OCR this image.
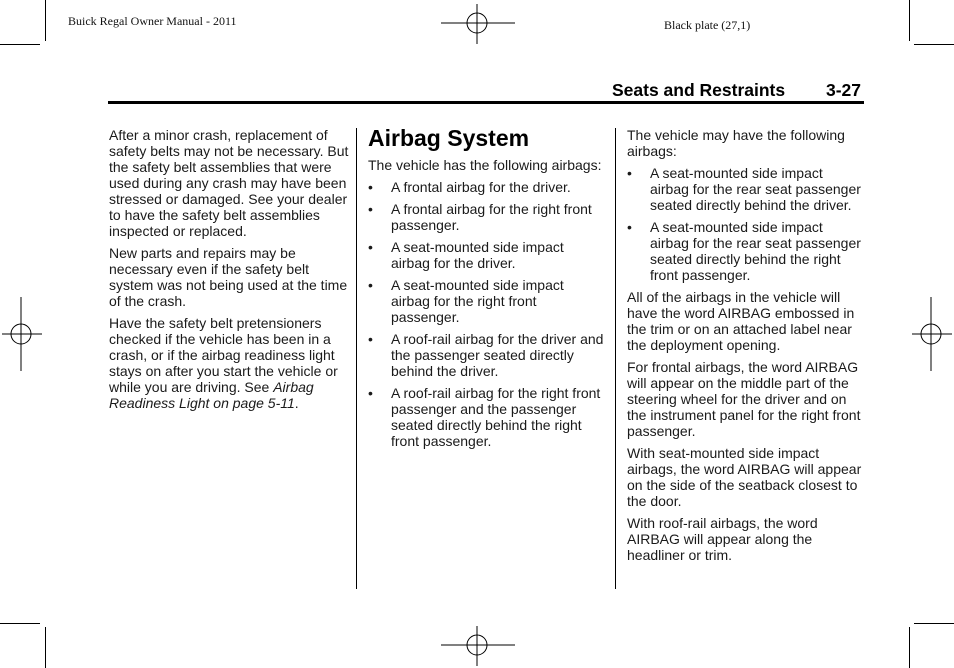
Buick Regal Owner Manual - 2011	Black plate (27,1)
Seats and Restraints 3-27

After a minor crash, replacement of safety belts may not be necessary. But the safety belt assemblies that were used during any crash may have been stressed or damaged. See your dealer to have the safety belt assemblies inspected or replaced.

New parts and repairs may be necessary even if the safety belt system was not being used at the time of the crash.

Have the safety belt pretensioners checked if the vehicle has been in a crash, or if the airbag readiness light stays on after you start the vehicle or while you are driving. See Airbag Readiness Light on page 5-11.

Airbag System

The vehicle has the following airbags:

• A frontal airbag for the driver.
• A frontal airbag for the right front passenger.
• A seat-mounted side impact airbag for the driver.
• A seat-mounted side impact airbag for the right front passenger.
• A roof-rail airbag for the driver and the passenger seated directly behind the driver.
• A roof-rail airbag for the right front passenger and the passenger seated directly behind the right front passenger.

The vehicle may have the following airbags:

• A seat-mounted side impact airbag for the rear seat passenger seated directly behind the driver.
• A seat-mounted side impact airbag for the rear seat passenger seated directly behind the right front passenger.

All of the airbags in the vehicle will have the word AIRBAG embossed in the trim or on an attached label near the deployment opening.

For frontal airbags, the word AIRBAG will appear on the middle part of the steering wheel for the driver and on the instrument panel for the right front passenger.

With seat-mounted side impact airbags, the word AIRBAG will appear on the side of the seatback closest to the door.

With roof-rail airbags, the word AIRBAG will appear along the headliner or trim.
